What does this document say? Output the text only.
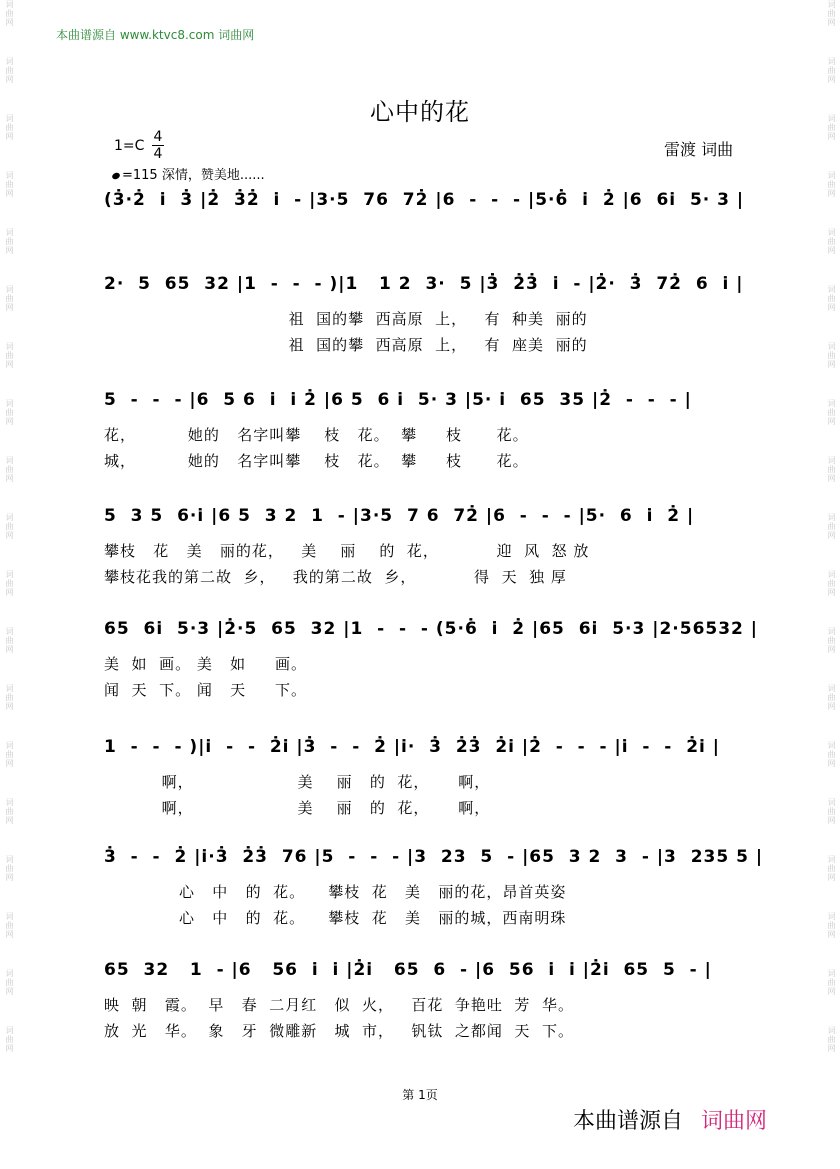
词曲网
词曲网
词曲网
词曲网
词曲网
词曲网
词曲网
词曲网
词曲网
词曲网
词曲网
词曲网
词曲网
词曲网
词曲网
词曲网
词曲网
词曲网
词曲网
词曲网
词曲网
词曲网
词曲网
词曲网
词曲网
词曲网
词曲网
词曲网
词曲网
词曲网
词曲网
词曲网
词曲网
词曲网
词曲网
词曲网
词曲网
词曲网
本曲谱源自 www.ktvc8.com 词曲网
心中的花
1=C
4
4
=115 深情，赞美地......
雷渡 词曲
(3̇·2̇  i̇  3̇ |2̇  3̇2̇  i̇  - |3·5  76  72̇ |6  -  -  - |5·6̇  i̇  2̇ |6  6i̇  5· 3 |
2·  5  65  32 |1  -  -  - )|1   1 2  3·  5 |3̇  2̇3̇  i̇  - |2̇·  3̇  72̇  6  i̇ |
祖  国的攀  西高原  上，   有  种美  丽的
祖  国的攀  西高原  上，   有  座美  丽的
5  -  -  - |6  5 6  i̇  i̇ 2̇ |6 5  6 i̇  5· 3 |5· i̇  65  35 |2̇  -  -  - |
花，         她的   名字叫攀    枝   花。  攀     枝      花。
城，         她的   名字叫攀    枝   花。  攀     枝      花。
5  3 5  6·i̇ |6 5  3 2  1  - |3·5  7 6  72̇ |6  -  -  - |5·  6  i̇  2̇ |
攀枝   花   美   丽的花，   美    丽    的  花，          迎  风  怒 放
攀枝花我的第二故  乡，   我的第二故  乡，          得  天  独 厚
65  6i̇  5·3 |2̇·5  65  32 |1  -  -  - (5·6̇  i̇  2̇ |65  6i̇  5·3 |2·56532 |
美  如  画。 美   如     画。
闻  天  下。 闻   天     下。
1  -  -  - )|i̇  -  -  2̇i̇ |3̇  -  -  2̇ |i̇·  3̇  2̇3̇  2̇i̇ |2̇  -  -  - |i̇  -  -  2̇i̇ |
啊，                  美    丽   的  花，     啊，
啊，                  美    丽   的  花，     啊，
3̇  -  -  2̇ |i̇·3̇  2̇3̇  76 |5  -  -  - |3  23  5  - |65  3 2  3  - |3  235 5 |
心   中   的  花。    攀枝  花   美   丽的花，昂首英姿
心   中   的  花。    攀枝  花   美   丽的城，西南明珠
65  32   1  - |6   56  i̇  i̇ |2̇i̇   65  6  - |6  56  i̇  i̇ |2̇i̇  65  5  - |
映  朝   霞。  早   春  二月红   似  火，   百花  争艳吐  芳  华。
放  光   华。  象   牙  微雕新   城  市，   钒钛  之都闻  天  下。
第 1页
本曲谱源自 词曲网
